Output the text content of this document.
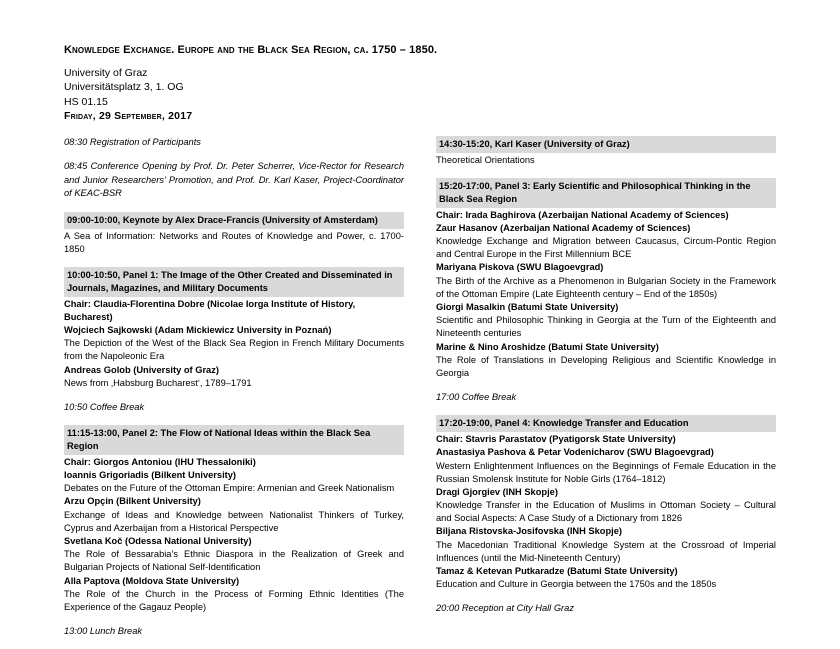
Knowledge Exchange. Europe and the Black Sea Region, ca. 1750 – 1850.
University of Graz
Universitätsplatz 3, 1. OG
HS 01.15
Friday, 29 September, 2017
08:30 Registration of Participants
08:45 Conference Opening by Prof. Dr. Peter Scherrer, Vice-Rector for Research and Junior Researchers’ Promotion, and Prof. Dr. Karl Kaser, Project-Coordinator of KEAC-BSR
09:00-10:00, Keynote by Alex Drace-Francis (University of Amsterdam)
A Sea of Information: Networks and Routes of Knowledge and Power, c. 1700-1850
10:00-10:50, Panel 1: The Image of the Other Created and Disseminated in Journals, Magazines, and Military Documents
Chair: Claudia-Florentina Dobre (Nicolae Iorga Institute of History, Bucharest)
Wojciech Sajkowski (Adam Mickiewicz University in Poznań)
The Depiction of the West of the Black Sea Region in French Military Documents from the Napoleonic Era
Andreas Golob (University of Graz)
News from ‚Habsburg Bucharest‘, 1789–1791
10:50 Coffee Break
11:15-13:00, Panel 2: The Flow of National Ideas within the Black Sea Region
Chair: Giorgos Antoniou (IHU Thessaloniki)
Ioannis Grigoriadis (Bilkent University)
Debates on the Future of the Ottoman Empire: Armenian and Greek Nationalism
Arzu Opçin (Bilkent University)
Exchange of Ideas and Knowledge between Nationalist Thinkers of Turkey, Cyprus and Azerbaijan from a Historical Perspective
Svetlana Koč (Odessa National University)
The Role of Bessarabia’s Ethnic Diaspora in the Realization of Greek and Bulgarian Projects of National Self-Identification
Alla Paptova (Moldova State University)
The Role of the Church in the Process of Forming Ethnic Identities (The Experience of the Gagauz People)
13:00 Lunch Break
14:30-15:20, Karl Kaser (University of Graz)
Theoretical Orientations
15:20-17:00, Panel 3: Early Scientific and Philosophical Thinking in the Black Sea Region
Chair: Irada Baghirova (Azerbaijan National Academy of Sciences)
Zaur Hasanov (Azerbaijan National Academy of Sciences)
Knowledge Exchange and Migration between Caucasus, Circum-Pontic Region and Central Europe in the First Millennium BCE
Mariyana Piskova (SWU Blagoevgrad)
The Birth of the Archive as a Phenomenon in Bulgarian Society in the Framework of the Ottoman Empire (Late Eighteenth century – End of the 1850s)
Giorgi Masalkin (Batumi State University)
Scientific and Philosophic Thinking in Georgia at the Turn of the Eighteenth and Nineteenth centuries
Marine & Nino Aroshidze (Batumi State University)
The Role of Translations in Developing Religious and Scientific Knowledge in Georgia
17:00 Coffee Break
17:20-19:00, Panel 4: Knowledge Transfer and Education
Chair: Stavris Parastatov (Pyatigorsk State University)
Anastasiya Pashova & Petar Vodenicharov (SWU Blagoevgrad)
Western Enlightenment Influences on the Beginnings of Female Education in the Russian Smolensk Institute for Noble Girls (1764–1812)
Dragi Gjorgiev (INH Skopje)
Knowledge Transfer in the Education of Muslims in Ottoman Society – Cultural and Social Aspects: A Case Study of a Dictionary from 1826
Biljana Ristovska-Josifovska (INH Skopje)
The Macedonian Traditional Knowledge System at the Crossroad of Imperial Influences (until the Mid-Nineteenth Century)
Tamaz & Ketevan Putkaradze (Batumi State University)
Education and Culture in Georgia between the 1750s and the 1850s
20:00 Reception at City Hall Graz
